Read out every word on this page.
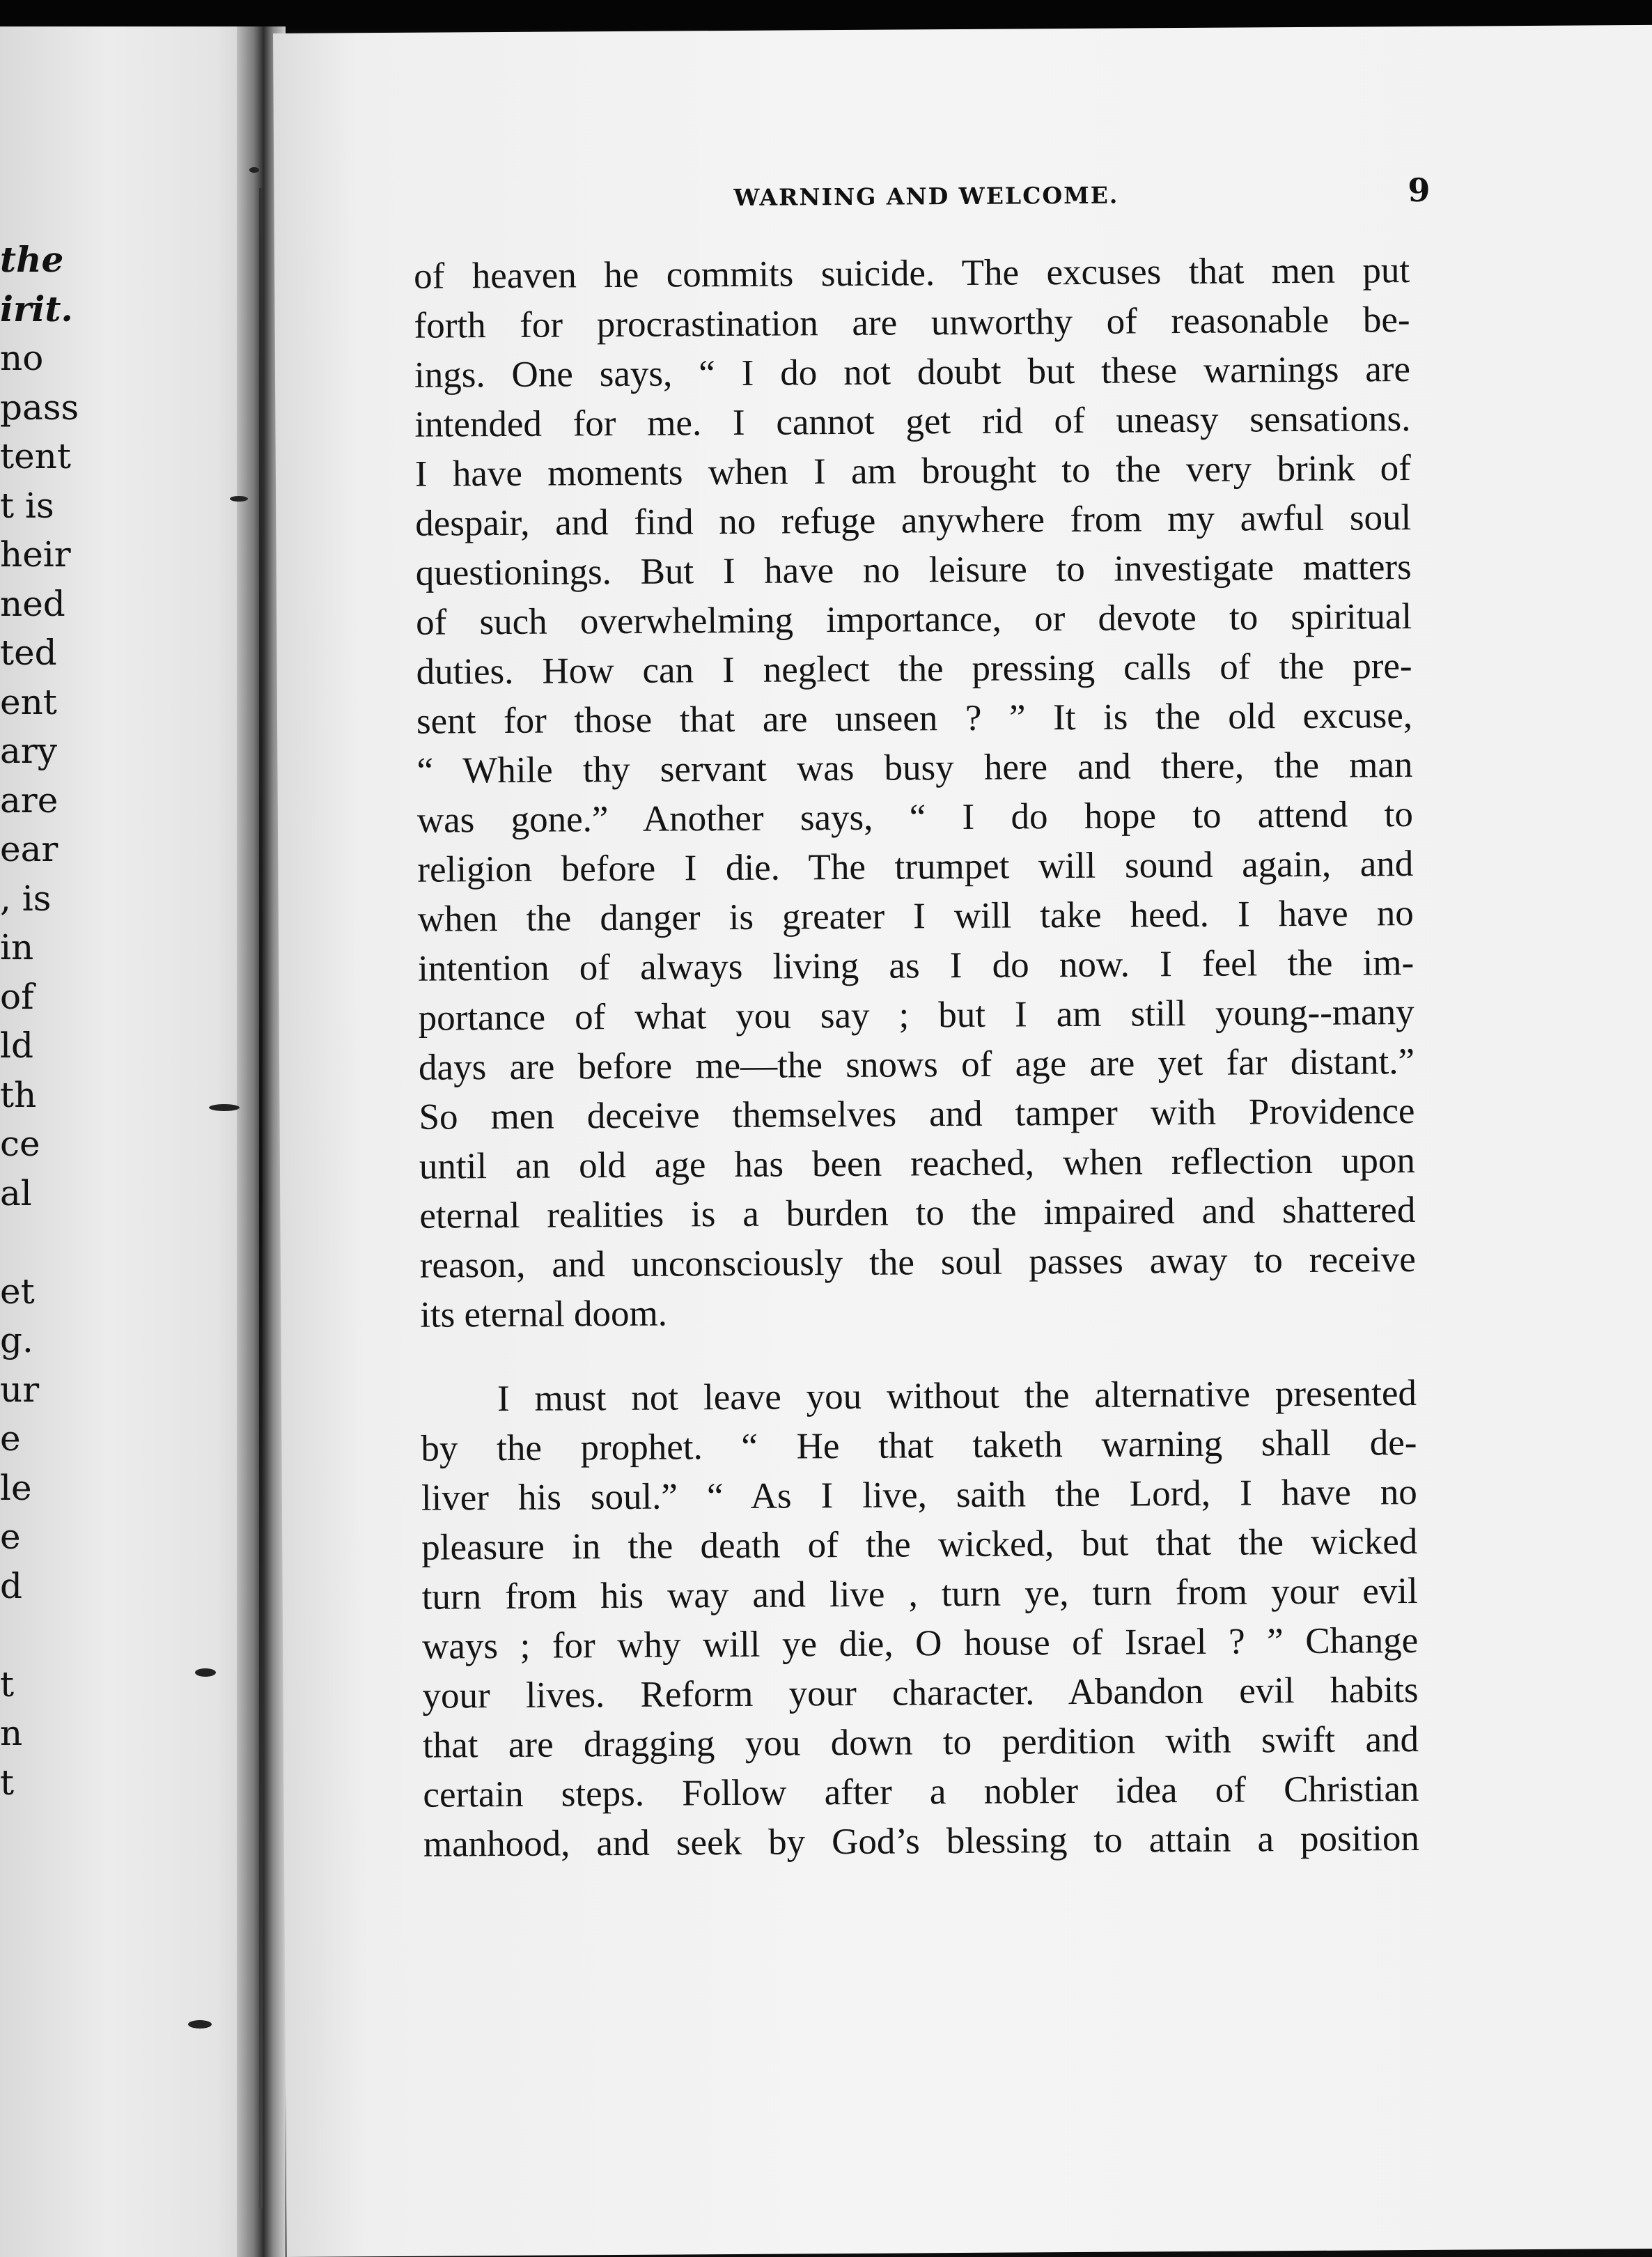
the
irit.
no
pass
tent
t is
heir
ned
ted
ent
ary
are
ear
, is
in
of
ld
th
ce
al
et
g.
ur
e
le
e
d
t
n
t
WARNING AND WELCOME.	9
of heaven he commits suicide. The excuses that men put
forth for procrastination are unworthy of reasonable be-
ings. One says, “ I do not doubt but these warnings are
intended for me. I cannot get rid of uneasy sensations.
I have moments when I am brought to the very brink of
despair, and find no refuge anywhere from my awful soul
questionings. But I have no leisure to investigate matters
of such overwhelming importance, or devote to spiritual
duties. How can I neglect the pressing calls of the pre-
sent for those that are unseen ? ” It is the old excuse,
“ While thy servant was busy here and there, the man
was gone.” Another says, “ I do hope to attend to
religion before I die. The trumpet will sound again, and
when the danger is greater I will take heed. I have no
intention of always living as I do now. I feel the im-
portance of what you say ; but I am still young--many
days are before me—the snows of age are yet far distant.”
So men deceive themselves and tamper with Providence
until an old age has been reached, when reflection upon
eternal realities is a burden to the impaired and shattered
reason, and unconsciously the soul passes away to receive
its eternal doom.
I must not leave you without the alternative presented
by the prophet. “ He that taketh warning shall de-
liver his soul.” “ As I live, saith the Lord, I have no
pleasure in the death of the wicked, but that the wicked
turn from his way and live , turn ye, turn from your evil
ways ; for why will ye die, O house of Israel ? ” Change
your lives. Reform your character. Abandon evil habits
that are dragging you down to perdition with swift and
certain steps. Follow after a nobler idea of Christian
manhood, and seek by God’s blessing to attain a position
